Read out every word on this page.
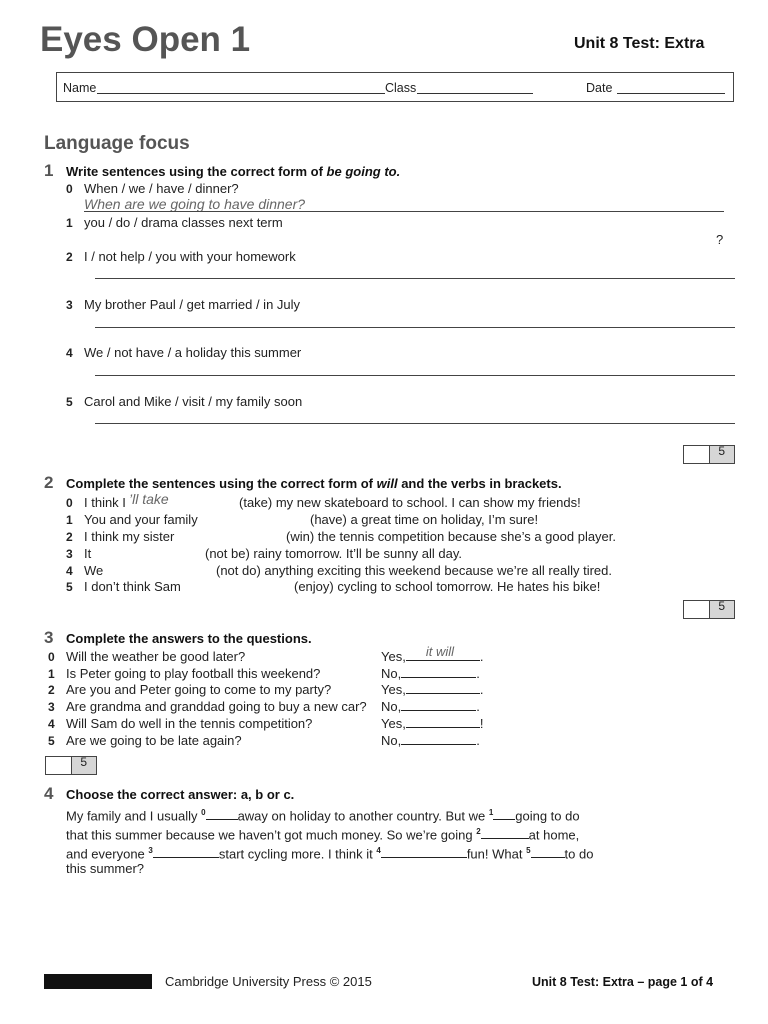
Eyes Open 1	Unit 8 Test: Extra
Name	Class	Date
Language focus
1 Write sentences using the correct form of be going to.
0 When / we / have / dinner?
When are we going to have dinner?
1 you / do / drama classes next term
?
2 I / not help / you with your homework
3 My brother Paul / get married / in July
4 We / not have / a holiday this summer
5 Carol and Mike / visit / my family soon
5
2 Complete the sentences using the correct form of will and the verbs in brackets.
0 I think I ’ll take	(take) my new skateboard to school. I can show my friends!
1 You and your family	(have) a great time on holiday, I’m sure!
2 I think my sister	(win) the tennis competition because she’s a good player.
3 It	(not be) rainy tomorrow. It’ll be sunny all day.
4 We	(not do) anything exciting this weekend because we’re all really tired.
5 I don’t think Sam	(enjoy) cycling to school tomorrow. He hates his bike!
5
3 Complete the answers to the questions.
0 Will the weather be good later?	Yes, it will .
1 Is Peter going to play football this weekend?	No,	.
2 Are you and Peter going to come to my party?	Yes,	.
3 Are grandma and granddad going to buy a new car? No,	.
4 Will Sam do well in the tennis competition?	Yes,	!
5 Are we going to be late again?	No,	.
5
4 Choose the correct answer: a, b or c.
My family and I usually $^0$ away on holiday to another country. But we $^1$ going to do
that this summer because we haven’t got much money. So we’re going $^2$	at home,
and everyone $^3$	start cycling more. I think it $^4$	fun! What $^5$	to do
this summer?
Cambridge University Press © 2015	Unit 8 Test: Extra – page 1 of 4
